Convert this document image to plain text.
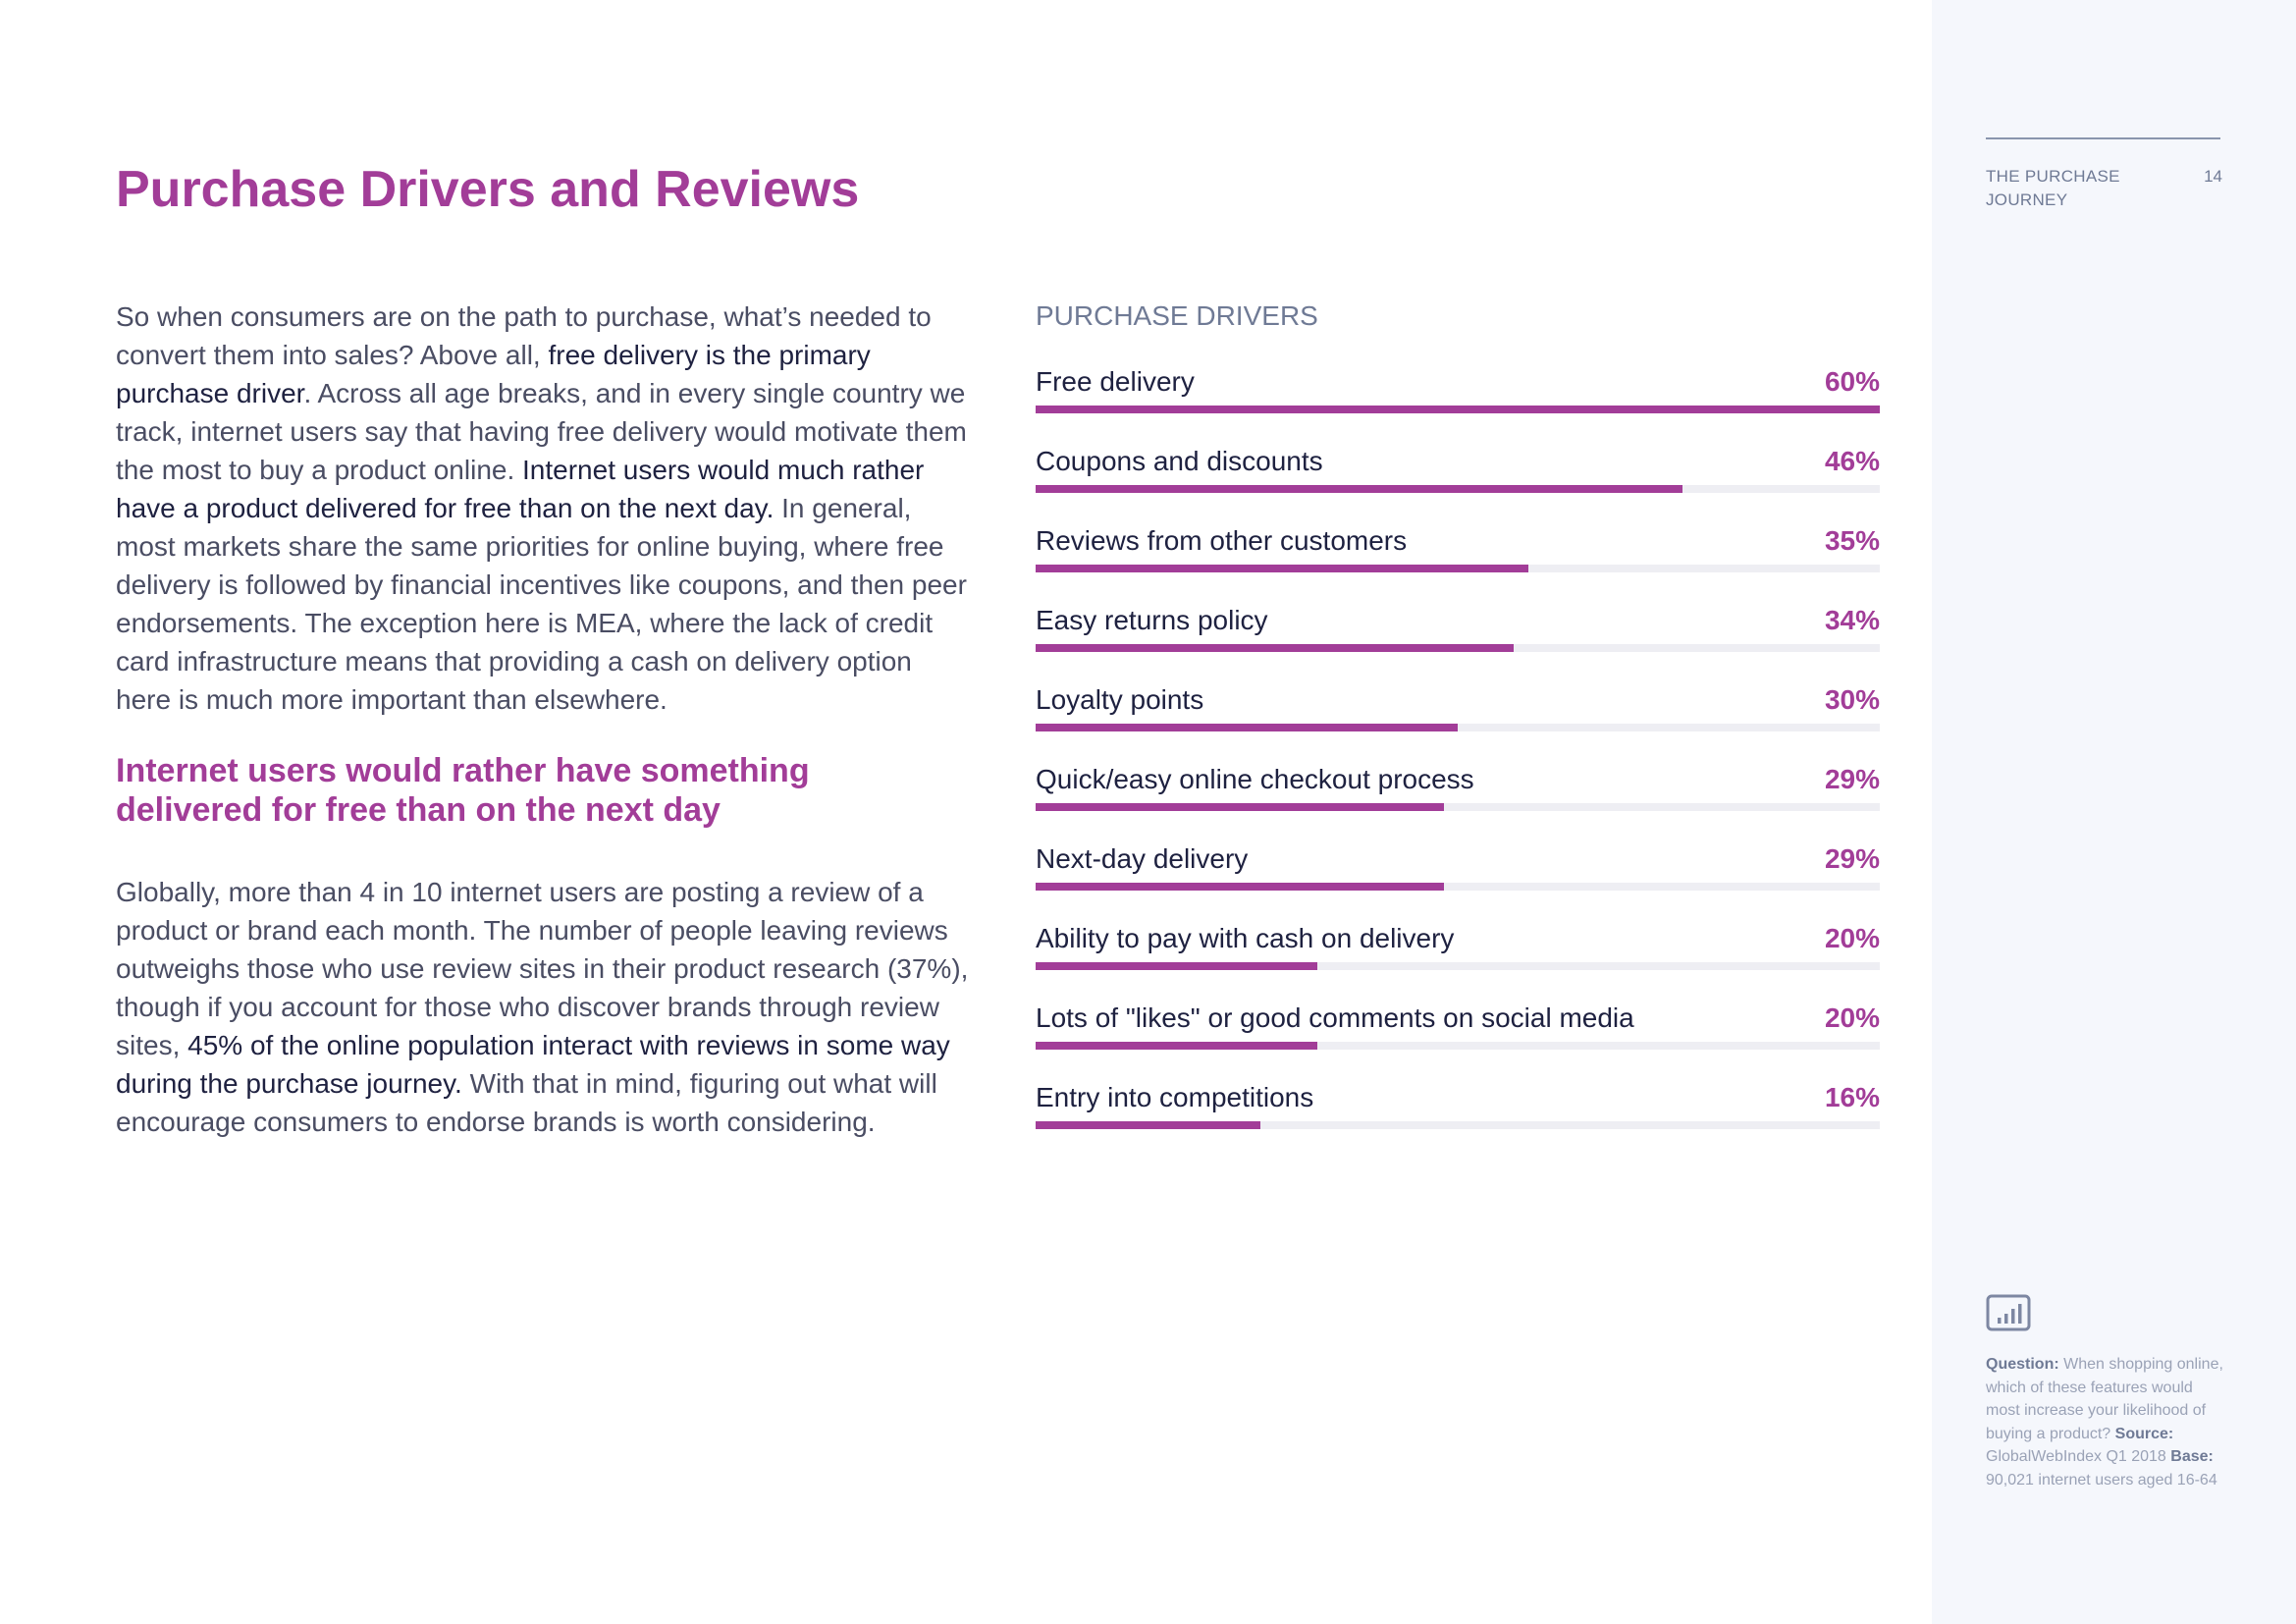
Purchase Drivers and Reviews

So when consumers are on the path to purchase, what’s needed to convert them into sales? Above all, free delivery is the primary purchase driver. Across all age breaks, and in every single country we track, internet users say that having free delivery would motivate them the most to buy a product online. Internet users would much rather have a product delivered for free than on the next day. In general, most markets share the same priorities for online buying, where free delivery is followed by financial incentives like coupons, and then peer endorsements. The exception here is MEA, where the lack of credit card infrastructure means that providing a cash on delivery option here is much more important than elsewhere.

Internet users would rather have something delivered for free than on the next day

Globally, more than 4 in 10 internet users are posting a review of a product or brand each month. The number of people leaving reviews outweighs those who use review sites in their product research (37%), though if you account for those who discover brands through review sites, 45% of the online population interact with reviews in some way during the purchase journey. With that in mind, figuring out what will encourage consumers to endorse brands is worth considering.

PURCHASE DRIVERS
Free delivery	60%
Coupons and discounts	46%
Reviews from other customers	35%
Easy returns policy	34%
Loyalty points	30%
Quick/easy online checkout process	29%
Next-day delivery	29%
Ability to pay with cash on delivery	20%
Lots of "likes" or good comments on social media	20%
Entry into competitions	16%
THE PURCHASE JOURNEY
14
Question: When shopping online, which of these features would most increase your likelihood of buying a product? Source: GlobalWebIndex Q1 2018 Base: 90,021 internet users aged 16-64
